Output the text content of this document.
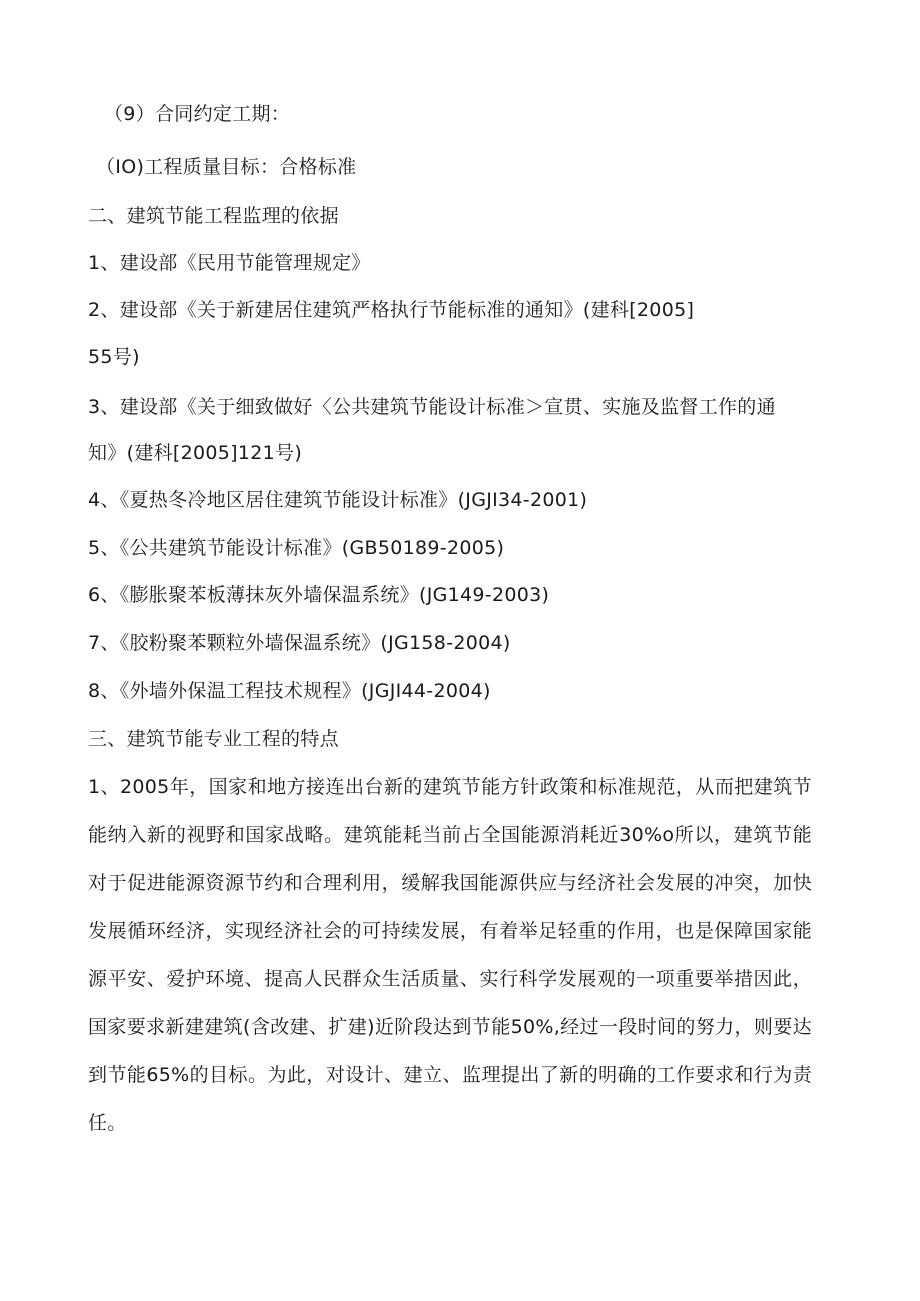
（9）合同约定工期：
（IO)工程质量目标：合格标准
二、建筑节能工程监理的依据
1、建设部《民用节能管理规定》
2、建设部《关于新建居住建筑严格执行节能标准的通知》(建科[2005]
55号)
3、建设部《关于细致做好〈公共建筑节能设计标准＞宣贯、实施及监督工作的通
知》(建科[2005]121号)
4、《夏热冬冷地区居住建筑节能设计标准》(JGJI34-2001)
5、《公共建筑节能设计标准》(GB50189-2005)
6、《膨胀聚苯板薄抹灰外墙保温系统》(JG149-2003)
7、《胶粉聚苯颗粒外墙保温系统》(JG158-2004)
8、《外墙外保温工程技术规程》(JGJI44-2004)
三、建筑节能专业工程的特点
1、2005年，国家和地方接连出台新的建筑节能方针政策和标准规范，从而把建筑节能纳入新的视野和国家战略。建筑能耗当前占全国能源消耗近30%o所以，建筑节能对于促进能源资源节约和合理利用，缓解我国能源供应与经济社会发展的冲突，加快发展循环经济，实现经济社会的可持续发展，有着举足轻重的作用，也是保障国家能源平安、爱护环境、提高人民群众生活质量、实行科学发展观的一项重要举措因此，国家要求新建建筑(含改建、扩建)近阶段达到节能50%,经过一段时间的努力，则要达到节能65%的目标。为此，对设计、建立、监理提出了新的明确的工作要求和行为责任。
